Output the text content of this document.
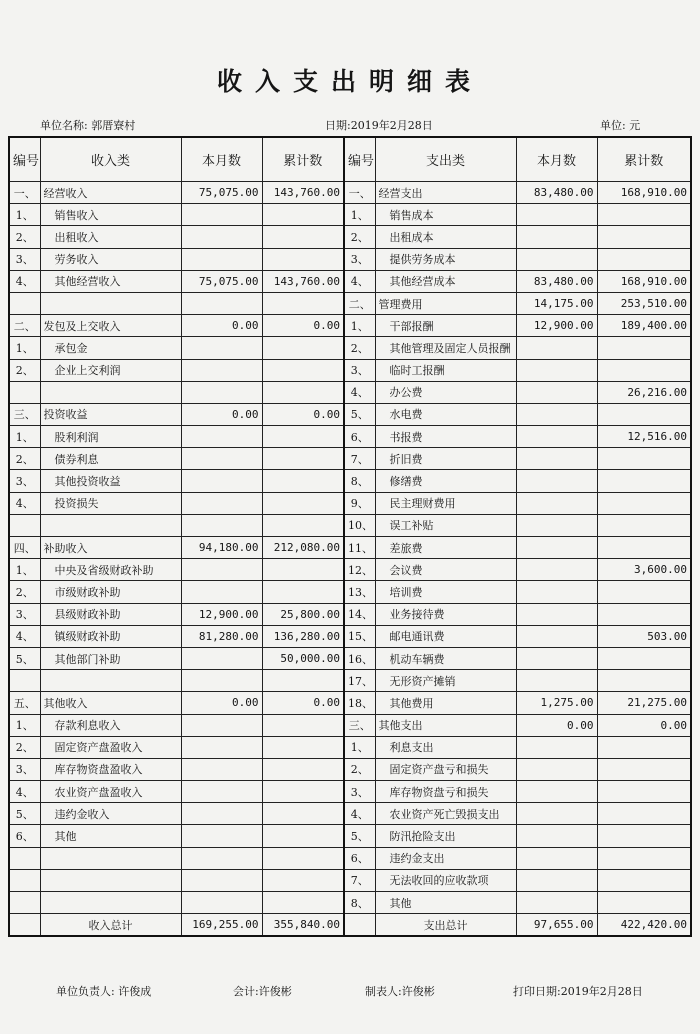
收入支出明细表
单位名称: 郭厝寮村	日期:2019年2月28日	单位: 元
编号	收入类	本月数	累计数	编号	支出类	本月数	累计数
一、	经营收入	75,075.00	143,760.00	一、	经营支出	83,480.00	168,910.00
1、	销售收入			1、	销售成本		
2、	出租收入			2、	出租成本		
3、	劳务收入			3、	提供劳务成本		
4、	其他经营收入	75,075.00	143,760.00	4、	其他经营成本	83,480.00	168,910.00
				二、	管理费用	14,175.00	253,510.00
二、	发包及上交收入	0.00	0.00	1、	干部报酬	12,900.00	189,400.00
1、	承包金			2、	其他管理及固定人员报酬		
2、	企业上交利润			3、	临时工报酬		
				4、	办公费		26,216.00
三、	投资收益	0.00	0.00	5、	水电费		
1、	股利利润			6、	书报费		12,516.00
2、	债券利息			7、	折旧费		
3、	其他投资收益			8、	修缮费		
4、	投资损失			9、	民主理财费用		
				10、	误工补贴		
四、	补助收入	94,180.00	212,080.00	11、	差旅费		
1、	中央及省级财政补助			12、	会议费		3,600.00
2、	市级财政补助			13、	培训费		
3、	县级财政补助	12,900.00	25,800.00	14、	业务接待费		
4、	镇级财政补助	81,280.00	136,280.00	15、	邮电通讯费		503.00
5、	其他部门补助		50,000.00	16、	机动车辆费		
				17、	无形资产摊销		
五、	其他收入	0.00	0.00	18、	其他费用	1,275.00	21,275.00
1、	存款利息收入			三、	其他支出	0.00	0.00
2、	固定资产盘盈收入			1、	利息支出		
3、	库存物资盘盈收入			2、	固定资产盘亏和损失		
4、	农业资产盘盈收入			3、	库存物资盘亏和损失		
5、	违约金收入			4、	农业资产死亡毁损支出		
6、	其他			5、	防汛抢险支出		
				6、	违约金支出		
				7、	无法收回的应收款项		
				8、	其他		
	收入总计	169,255.00	355,840.00		支出总计	97,655.00	422,420.00
单位负责人: 许俊成	会计:许俊彬	制表人:许俊彬	打印日期:2019年2月28日
